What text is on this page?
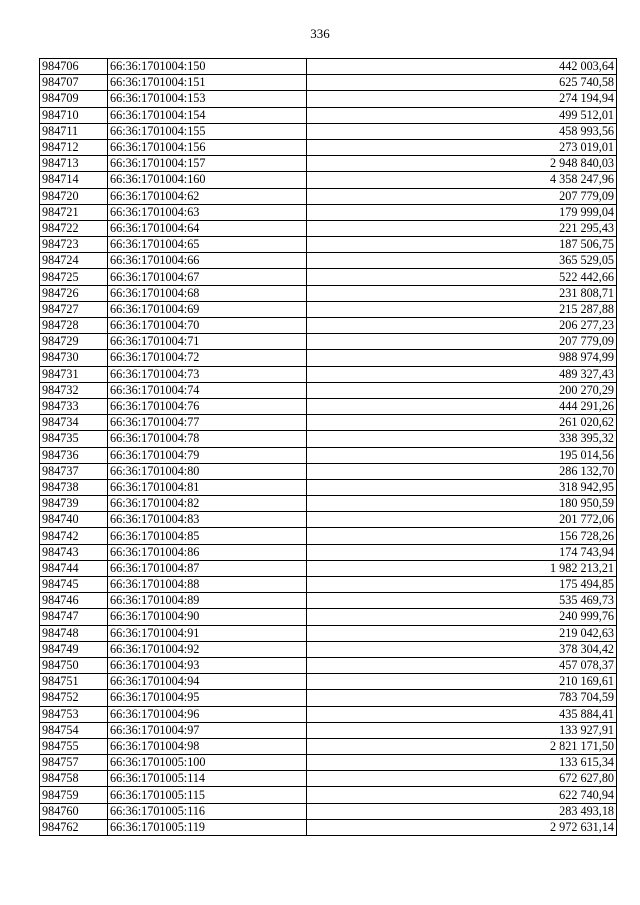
336
984706	66:36:1701004:150	442 003,64
984707	66:36:1701004:151	625 740,58
984709	66:36:1701004:153	274 194,94
984710	66:36:1701004:154	499 512,01
984711	66:36:1701004:155	458 993,56
984712	66:36:1701004:156	273 019,01
984713	66:36:1701004:157	2 948 840,03
984714	66:36:1701004:160	4 358 247,96
984720	66:36:1701004:62	207 779,09
984721	66:36:1701004:63	179 999,04
984722	66:36:1701004:64	221 295,43
984723	66:36:1701004:65	187 506,75
984724	66:36:1701004:66	365 529,05
984725	66:36:1701004:67	522 442,66
984726	66:36:1701004:68	231 808,71
984727	66:36:1701004:69	215 287,88
984728	66:36:1701004:70	206 277,23
984729	66:36:1701004:71	207 779,09
984730	66:36:1701004:72	988 974,99
984731	66:36:1701004:73	489 327,43
984732	66:36:1701004:74	200 270,29
984733	66:36:1701004:76	444 291,26
984734	66:36:1701004:77	261 020,62
984735	66:36:1701004:78	338 395,32
984736	66:36:1701004:79	195 014,56
984737	66:36:1701004:80	286 132,70
984738	66:36:1701004:81	318 942,95
984739	66:36:1701004:82	180 950,59
984740	66:36:1701004:83	201 772,06
984742	66:36:1701004:85	156 728,26
984743	66:36:1701004:86	174 743,94
984744	66:36:1701004:87	1 982 213,21
984745	66:36:1701004:88	175 494,85
984746	66:36:1701004:89	535 469,73
984747	66:36:1701004:90	240 999,76
984748	66:36:1701004:91	219 042,63
984749	66:36:1701004:92	378 304,42
984750	66:36:1701004:93	457 078,37
984751	66:36:1701004:94	210 169,61
984752	66:36:1701004:95	783 704,59
984753	66:36:1701004:96	435 884,41
984754	66:36:1701004:97	133 927,91
984755	66:36:1701004:98	2 821 171,50
984757	66:36:1701005:100	133 615,34
984758	66:36:1701005:114	672 627,80
984759	66:36:1701005:115	622 740,94
984760	66:36:1701005:116	283 493,18
984762	66:36:1701005:119	2 972 631,14
